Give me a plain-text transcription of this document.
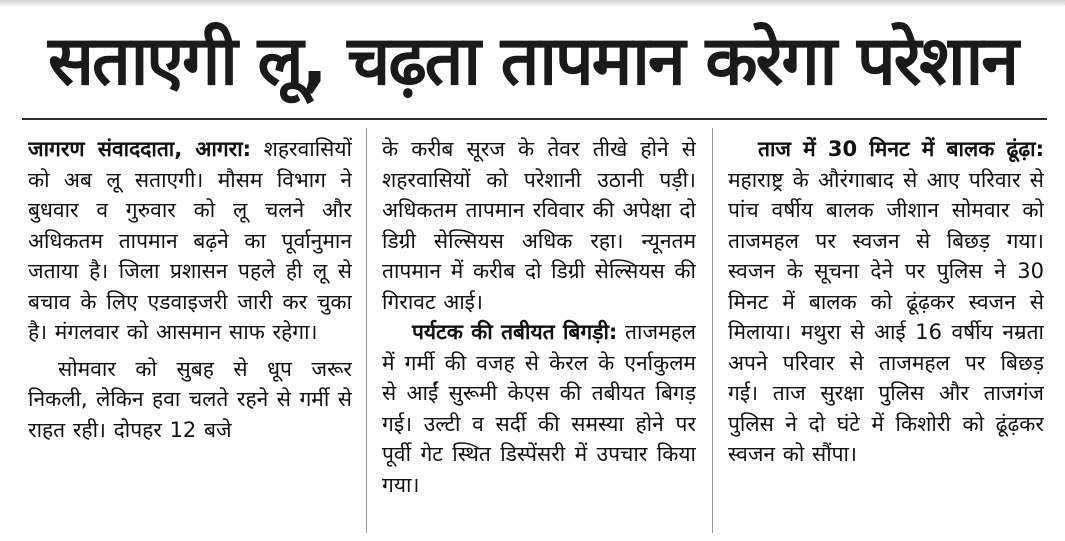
सताएगी लू, चढ़ता तापमान करेगा परेशान

जागरण संवाददाता, आगरा: शहरवासियों को अब लू सताएगी। मौसम विभाग ने बुधवार व गुरुवार को लू चलने और अधिकतम तापमान बढ़ने का पूर्वानुमान जताया है। जिला प्रशासन पहले ही लू से बचाव के लिए एडवाइजरी जारी कर चुका है। मंगलवार को आसमान साफ रहेगा।

सोमवार को सुबह से धूप जरूर निकली, लेकिन हवा चलते रहने से गर्मी से राहत रही। दोपहर 12 बजे

के करीब सूरज के तेवर तीखे होने से शहरवासियों को परेशानी उठानी पड़ी। अधिकतम तापमान रविवार की अपेक्षा दो डिग्री सेल्सियस अधिक रहा। न्यूनतम तापमान में करीब दो डिग्री सेल्सियस की गिरावट आई।

पर्यटक की तबीयत बिगड़ी: ताजमहल में गर्मी की वजह से केरल के एर्नाकुलम से आईं सुरूमी केएस की तबीयत बिगड़ गई। उल्टी व सर्दी की समस्या होने पर पूर्वी गेट स्थित डिस्पेंसरी में उपचार किया गया।

ताज में 30 मिनट में बालक ढूंढ़ा: महाराष्ट्र के औरंगाबाद से आए परिवार से पांच वर्षीय बालक जीशान सोमवार को ताजमहल पर स्वजन से बिछड़ गया। स्वजन के सूचना देने पर पुलिस ने 30 मिनट में बालक को ढूंढ़कर स्वजन से मिलाया। मथुरा से आई 16 वर्षीय नम्रता अपने परिवार से ताजमहल पर बिछड़ गई। ताज सुरक्षा पुलिस और ताजगंज पुलिस ने दो घंटे में किशोरी को ढूंढ़कर स्वजन को सौंपा।
